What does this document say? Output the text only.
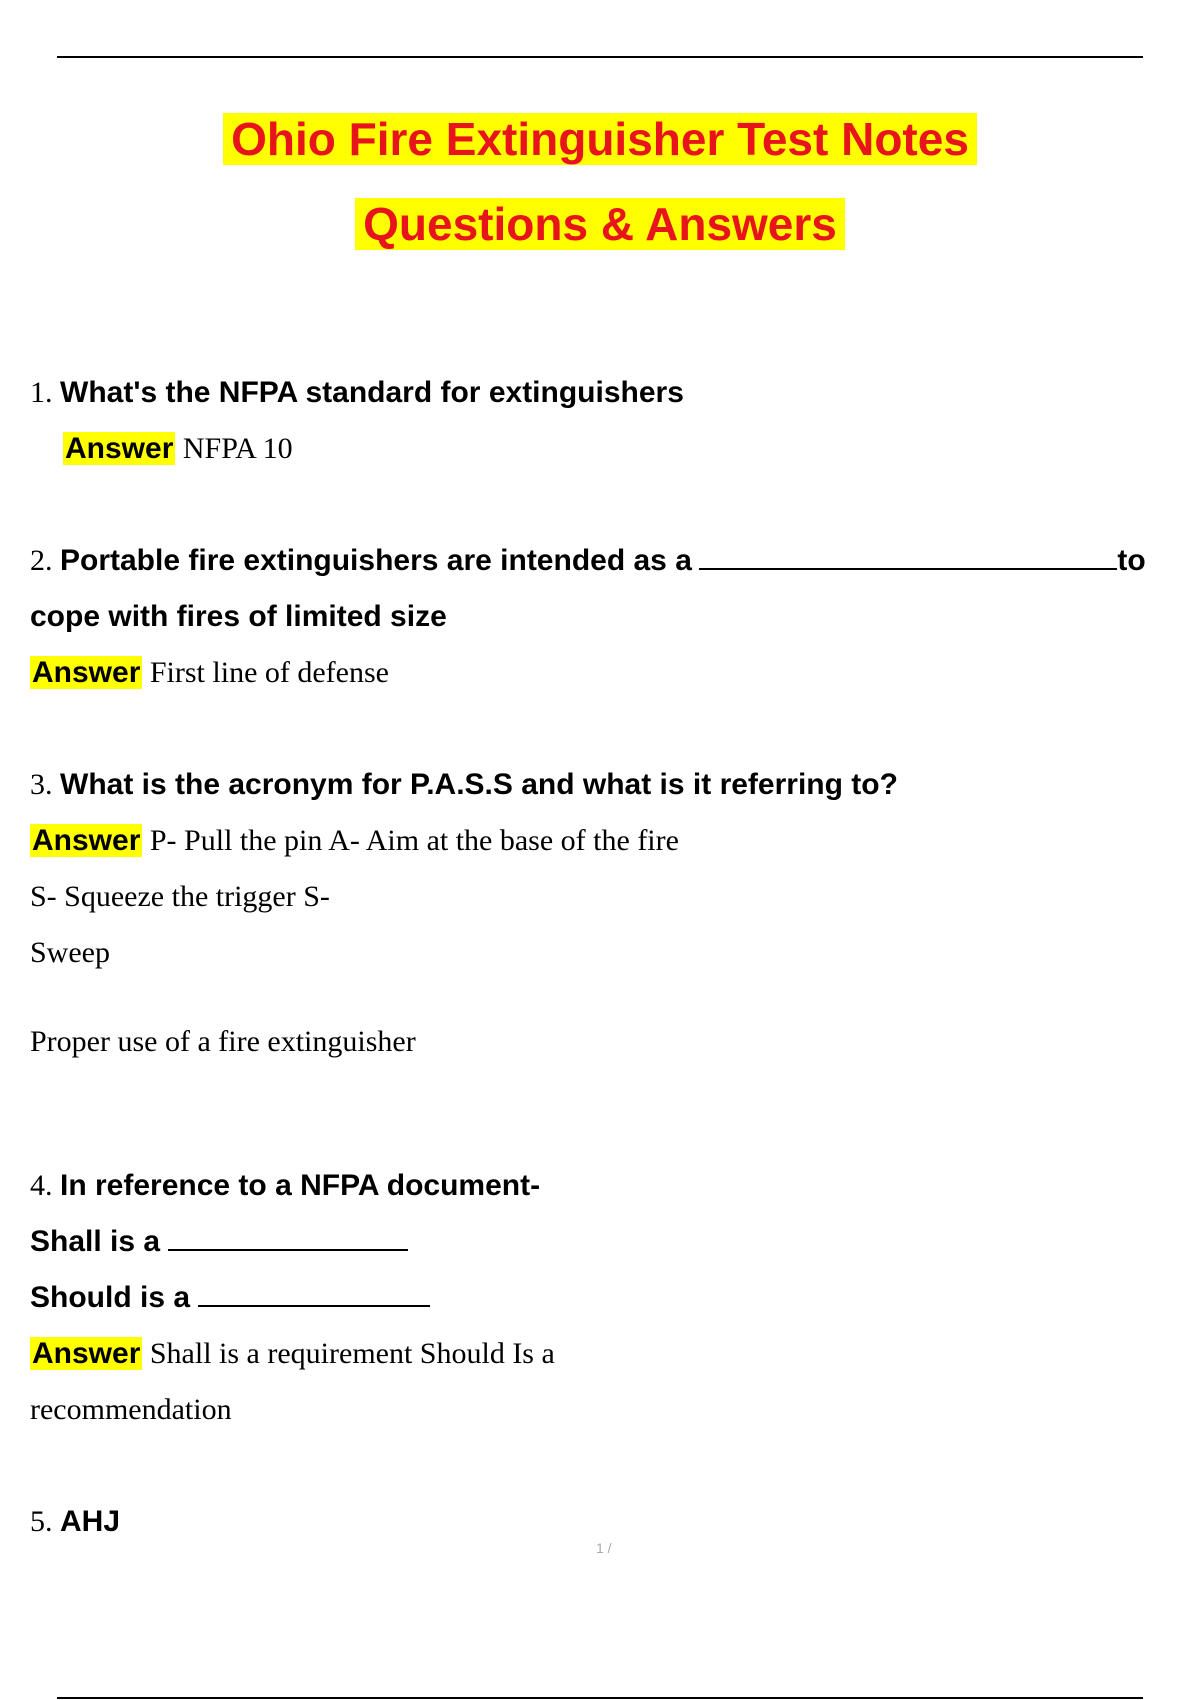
Ohio Fire Extinguisher Test Notes
Questions & Answers
1. What's the NFPA standard for extinguishers
Answer NFPA 10
2. Portable fire extinguishers are intended as a	to
cope with fires of limited size
Answer First line of defense
3. What is the acronym for P.A.S.S and what is it referring to?
Answer P- Pull the pin A- Aim at the base of the fire
S- Squeeze the trigger S-
Sweep
Proper use of a fire extinguisher
4. In reference to a NFPA document-
Shall is a
Should is a
Answer Shall is a requirement Should Is a
recommendation
5. AHJ
1 /
